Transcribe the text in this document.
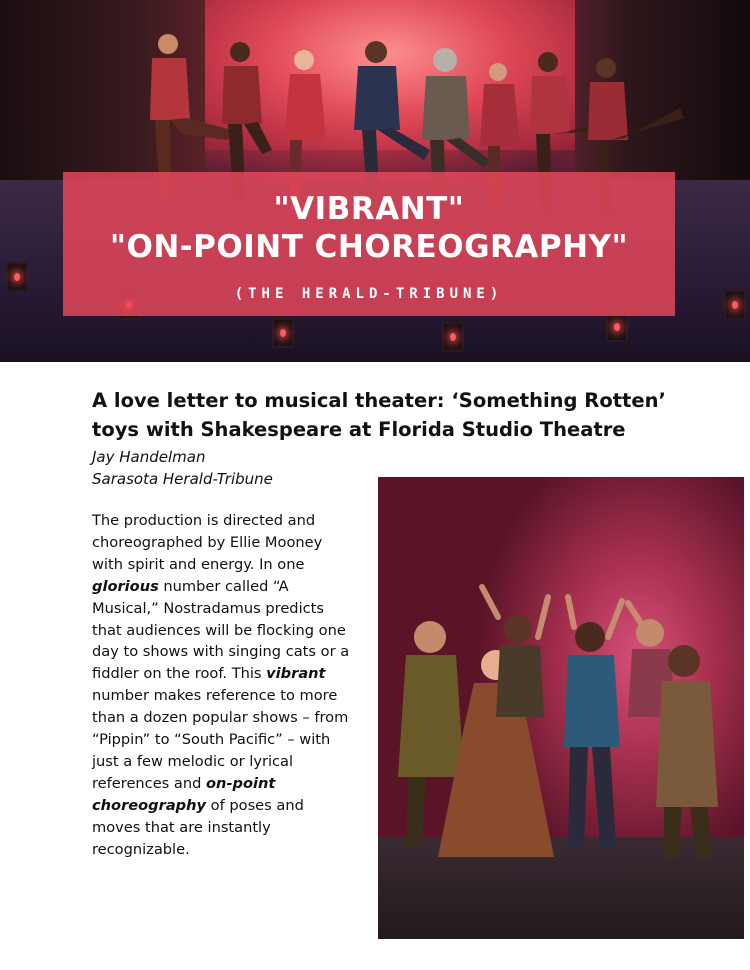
"VIBRANT"
"ON-POINT CHOREOGRAPHY"
(THE HERALD-TRIBUNE)
A love letter to musical theater: ‘Something Rotten’ toys with Shakespeare at Florida Studio Theatre
Jay Handelman
Sarasota Herald-Tribune

The production is directed and choreographed by Ellie Mooney with spirit and energy. In one glorious number called “A Musical,” Nostradamus predicts that audiences will be flocking one day to shows with singing cats or a fiddler on the roof. This vibrant number makes reference to more than a dozen popular shows – from “Pippin” to “South Pacific” – with just a few melodic or lyrical references and on-point choreography of poses and moves that are instantly recognizable.
